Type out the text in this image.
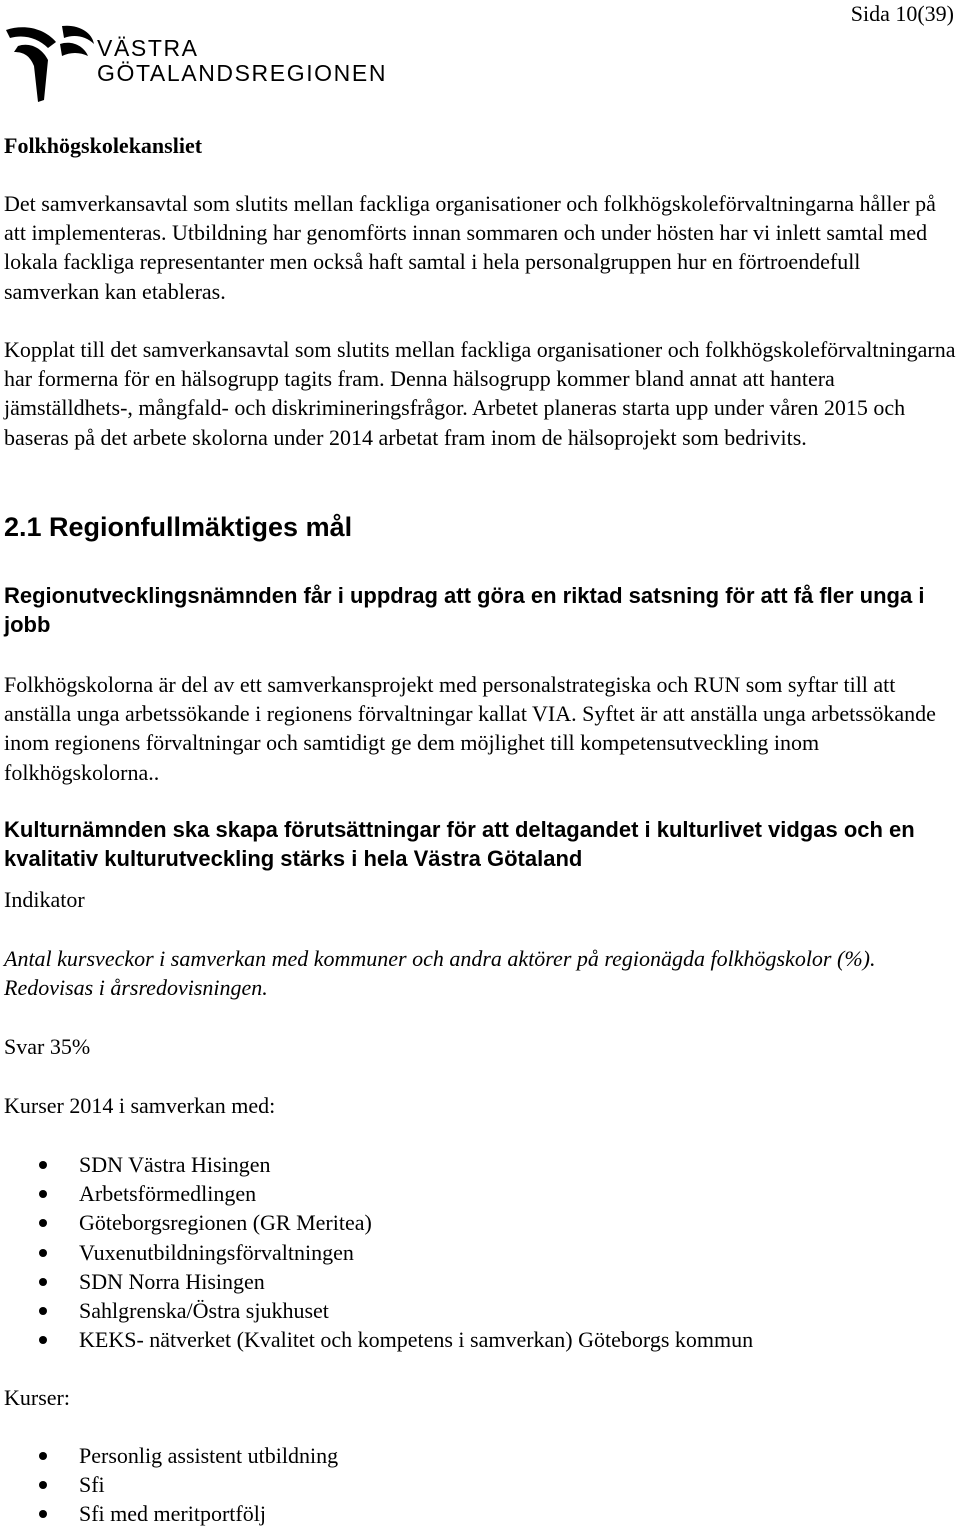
Sida 10(39)
VÄSTRA
GÖTALANDSREGIONEN
Folkhögskolekansliet

Det samverkansavtal som slutits mellan fackliga organisationer och folkhögskoleförvaltningarna håller på att implementeras. Utbildning har genomförts innan sommaren och under hösten har vi inlett samtal med lokala fackliga representanter men också haft samtal i hela personalgruppen hur en förtroendefull samverkan kan etableras.

Kopplat till det samverkansavtal som slutits mellan fackliga organisationer och folkhögskoleförvaltningarna har formerna för en hälsogrupp tagits fram. Denna hälsogrupp kommer bland annat att hantera jämställdhets-, mångfald- och diskrimineringsfrågor. Arbetet planeras starta upp under våren 2015 och baseras på det arbete skolorna under 2014 arbetat fram inom de hälsoprojekt som bedrivits.

2.1 Regionfullmäktiges mål
Regionutvecklingsnämnden får i uppdrag att göra en riktad satsning för att få fler unga i jobb

Folkhögskolorna är del av ett samverkansprojekt med personalstrategiska och RUN som syftar till att anställa unga arbetssökande i regionens förvaltningar kallat VIA. Syftet är att anställa unga arbetssökande inom regionens förvaltningar och samtidigt ge dem möjlighet till kompetensutveckling inom folkhögskolorna..

Kulturnämnden ska skapa förutsättningar för att deltagandet i kulturlivet vidgas och en kvalitativ kulturutveckling stärks i hela Västra Götaland
Indikator

Antal kursveckor i samverkan med kommuner och andra aktörer på regionägda folkhögskolor (%). Redovisas i årsredovisningen.

Svar 35%
Kurser 2014 i samverkan med:
SDN Västra Hisingen
Arbetsförmedlingen
Göteborgsregionen (GR Meritea)
Vuxenutbildningsförvaltningen
SDN Norra Hisingen
Sahlgrenska/Östra sjukhuset
KEKS- nätverket (Kvalitet och kompetens i samverkan) Göteborgs kommun
Kurser:
Personlig assistent utbildning
Sfi
Sfi med meritportfölj
